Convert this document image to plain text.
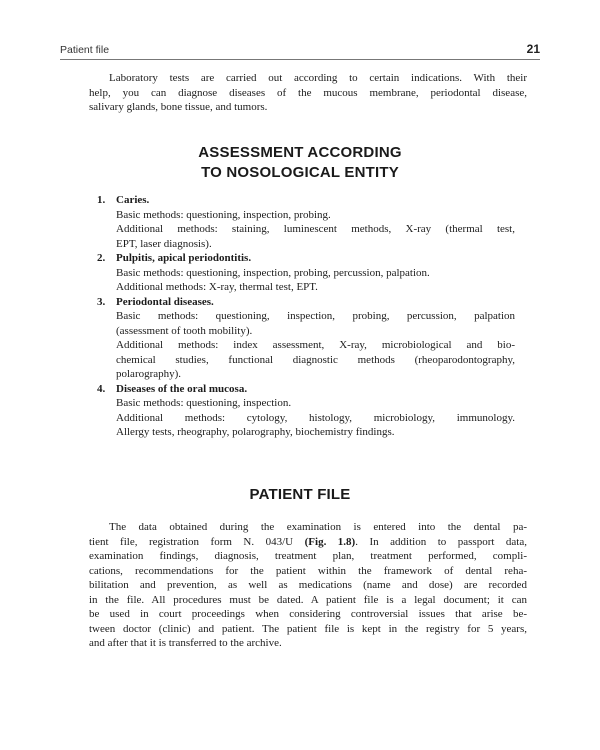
Patient file	21
Laboratory tests are carried out according to certain indications. With their
help, you can diagnose diseases of the mucous membrane, periodontal disease,
salivary glands, bone tissue, and tumors.
ASSESSMENT ACCORDING
TO NOSOLOGICAL ENTITY
1. Caries.
Basic methods: questioning, inspection, probing.
Additional methods: staining, luminescent methods, X-ray (thermal test,
EPT, laser diagnosis).
2. Pulpitis, apical periodontitis.
Basic methods: questioning, inspection, probing, percussion, palpation.
Additional methods: X-ray, thermal test, EPT.
3. Periodontal diseases.
Basic methods: questioning, inspection, probing, percussion, palpation
(assessment of tooth mobility).
Additional methods: index assessment, X-ray, microbiological and bio-
chemical studies, functional diagnostic methods (rheoparodontography,
polarography).
4. Diseases of the oral mucosa.
Basic methods: questioning, inspection.
Additional methods: cytology, histology, microbiology, immunology.
Allergy tests, rheography, polarography, biochemistry findings.
PATIENT FILE
The data obtained during the examination is entered into the dental pa-
tient file, registration form N. 043/U (Fig. 1.8). In addition to passport data,
examination findings, diagnosis, treatment plan, treatment performed, compli-
cations, recommendations for the patient within the framework of dental reha-
bilitation and prevention, as well as medications (name and dose) are recorded
in the file. All procedures must be dated. A patient file is a legal document; it can
be used in court proceedings when considering controversial issues that arise be-
tween doctor (clinic) and patient. The patient file is kept in the registry for 5 years,
and after that it is transferred to the archive.
